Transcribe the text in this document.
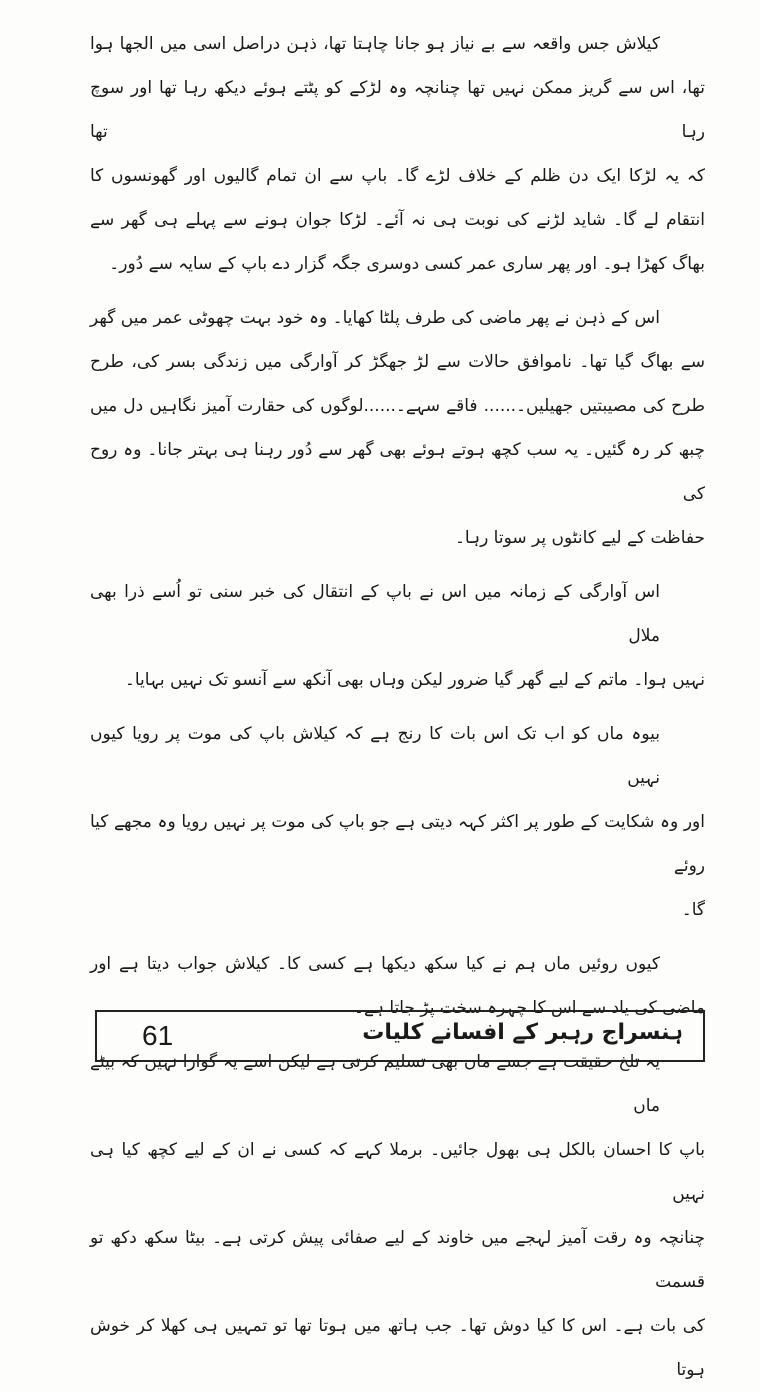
کیلاش جس واقعہ سے بے نیاز ہو جانا چاہتا تھا، ذہن دراصل اسی میں الجھا ہوا
تھا، اس سے گریز ممکن نہیں تھا چنانچہ وہ لڑکے کو پٹتے ہوئے دیکھ رہا تھا اور سوچ رہا تھا
کہ یہ لڑکا ایک دن ظلم کے خلاف لڑے گا۔ باپ سے ان تمام گالیوں اور گھونسوں کا
انتقام لے گا۔ شاید لڑنے کی نوبت ہی نہ آئے۔ لڑکا جوان ہونے سے پہلے ہی گھر سے
بھاگ کھڑا ہو۔ اور پھر ساری عمر کسی دوسری جگہ گزار دے باپ کے سایہ سے دُور۔
اس کے ذہن نے پھر ماضی کی طرف پلٹا کھایا۔ وہ خود بہت چھوٹی عمر میں گھر
سے بھاگ گیا تھا۔ ناموافق حالات سے لڑ جھگڑ کر آوارگی میں زندگی بسر کی، طرح
طرح کی مصیبتیں جھیلیں۔...... فاقے سہے۔......لوگوں کی حقارت آمیز نگاہیں دل میں
چبھ کر رہ گئیں۔ یہ سب کچھ ہوتے ہوئے بھی گھر سے دُور رہنا ہی بہتر جانا۔ وہ روح کی
حفاظت کے لیے کانٹوں پر سوتا رہا۔
اس آوارگی کے زمانہ میں اس نے باپ کے انتقال کی خبر سنی تو اُسے ذرا بھی ملال
نہیں ہوا۔ ماتم کے لیے گھر گیا ضرور لیکن وہاں بھی آنکھ سے آنسو تک نہیں بہایا۔
بیوہ ماں کو اب تک اس بات کا رنج ہے کہ کیلاش باپ کی موت پر رویا کیوں نہیں
اور وہ شکایت کے طور پر اکثر کہہ دیتی ہے جو باپ کی موت پر نہیں رویا وہ مجھے کیا روئے
گا۔
کیوں روئیں ماں ہم نے کیا سکھ دیکھا ہے کسی کا۔ کیلاش جواب دیتا ہے اور
ماضی کی یاد سے اس کا چہرہ سخت پڑ جاتا ہے۔
یہ تلخ حقیقت ہے جسے ماں بھی تسلیم کرتی ہے لیکن اسے یہ گوارا نہیں کہ بیٹے ماں
باپ کا احسان بالکل ہی بھول جائیں۔ برملا کہے کہ کسی نے ان کے لیے کچھ کیا ہی نہیں
چنانچہ وہ رقت آمیز لہجے میں خاوند کے لیے صفائی پیش کرتی ہے۔ بیٹا سکھ دکھ تو قسمت
کی بات ہے۔ اس کا کیا دوش تھا۔ جب ہاتھ میں ہوتا تھا تو تمہیں ہی کھلا کر خوش ہوتا
ہنسراج رہبر کے افسانے کلیات
61
